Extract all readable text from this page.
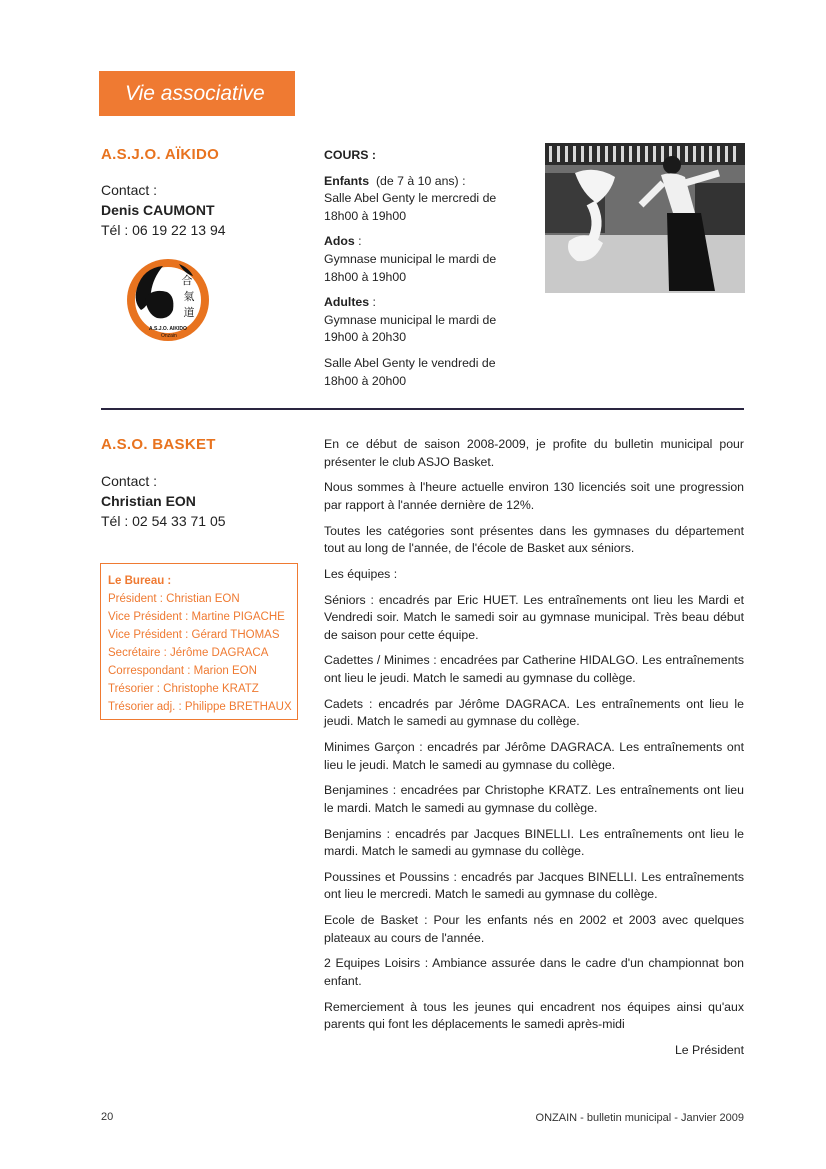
Vie associative
A.S.J.O. AÏKIDO
Contact :
Denis CAUMONT
Tél : 06 19 22 13 94
合
氣
道
A.S.J.O. AIKIDO
Onzain
COURS :

Enfants (de 7 à 10 ans) :

Salle Abel Genty le mercredi de

18h00 à 19h00

Ados :

Gymnase municipal le mardi de

18h00 à 19h00

Adultes :

Gymnase municipal le mardi de

19h00 à 20h30

Salle Abel Genty le vendredi de

18h00 à 20h00

A.S.O. BASKET
Contact :
Christian EON
Tél : 02 54 33 71 05
Le Bureau :
Président : Christian EON
Vice Président : Martine PIGACHE
Vice Président : Gérard THOMAS
Secrétaire : Jérôme DAGRACA
Correspondant : Marion EON
Trésorier : Christophe KRATZ
Trésorier adj. : Philippe BRETHAUX

En ce début de saison 2008-2009, je profite du bulletin municipal pour présenter le club ASJO Basket.

Nous sommes à l'heure actuelle environ 130 licenciés soit une progression par rapport à l'année dernière de 12%.

Toutes les catégories sont présentes dans les gymnases du département tout au long de l'année, de l'école de Basket aux séniors.

Les équipes :

Séniors : encadrés par Eric HUET. Les entraînements ont lieu les Mardi et Vendredi soir. Match le samedi soir au gymnase municipal. Très beau début de saison pour cette équipe.

Cadettes / Minimes : encadrées par Catherine HIDALGO. Les entraînements ont lieu le jeudi. Match le samedi au gymnase du collège.

Cadets : encadrés par Jérôme DAGRACA. Les entraînements ont lieu le jeudi. Match le samedi au gymnase du collège.

Minimes Garçon : encadrés par Jérôme DAGRACA. Les entraînements ont lieu le jeudi. Match le samedi au gymnase du collège.

Benjamines : encadrées par Christophe KRATZ. Les entraînements ont lieu le mardi. Match le samedi au gymnase du collège.

Benjamins : encadrés par Jacques BINELLI. Les entraînements ont lieu le mardi. Match le samedi au gymnase du collège.

Poussines et Poussins : encadrés par Jacques BINELLI. Les entraînements ont lieu le mercredi. Match le samedi au gymnase du collège.

Ecole de Basket : Pour les enfants nés en 2002 et 2003 avec quelques plateaux au cours de l'année.

2 Equipes Loisirs : Ambiance assurée dans le cadre d'un championnat bon enfant.

Remerciement à tous les jeunes qui encadrent nos équipes ainsi qu'aux parents qui font les déplacements le samedi après-midi

Le Président

20	ONZAIN - bulletin municipal - Janvier 2009
